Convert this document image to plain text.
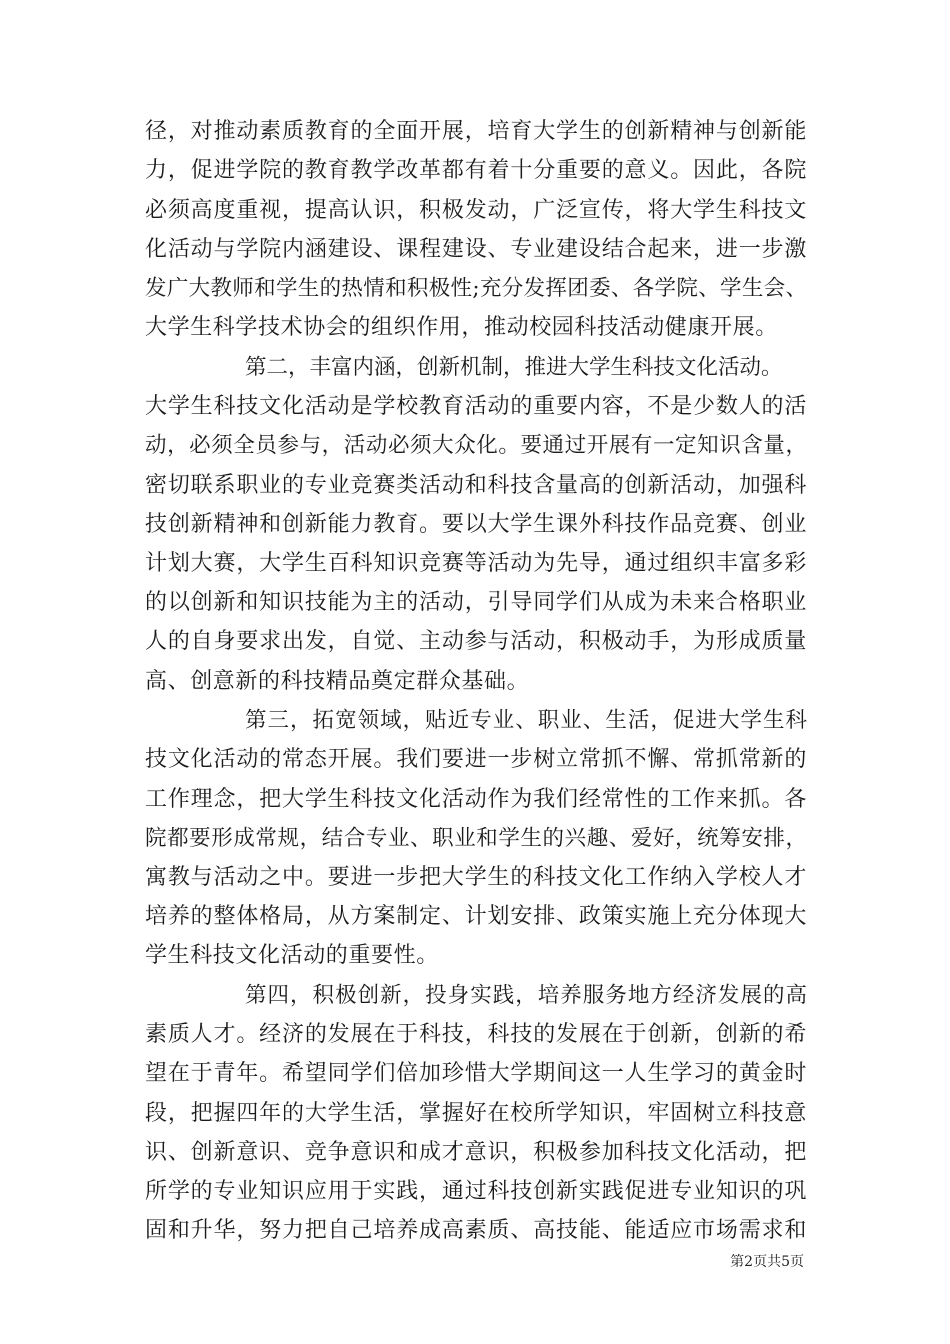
径，对推动素质教育的全面开展，培育大学生的创新精神与创新能
力，促进学院的教育教学改革都有着十分重要的意义。因此，各院
必须高度重视，提高认识，积极发动，广泛宣传，将大学生科技文
化活动与学院内涵建设、课程建设、专业建设结合起来，进一步激
发广大教师和学生的热情和积极性;充分发挥团委、各学院、学生会、
大学生科学技术协会的组织作用，推动校园科技活动健康开展。
第二，丰富内涵，创新机制，推进大学生科技文化活动。
大学生科技文化活动是学校教育活动的重要内容，不是少数人的活
动，必须全员参与，活动必须大众化。要通过开展有一定知识含量，
密切联系职业的专业竞赛类活动和科技含量高的创新活动，加强科
技创新精神和创新能力教育。要以大学生课外科技作品竞赛、创业
计划大赛，大学生百科知识竞赛等活动为先导，通过组织丰富多彩
的以创新和知识技能为主的活动，引导同学们从成为未来合格职业
人的自身要求出发，自觉、主动参与活动，积极动手，为形成质量
高、创意新的科技精品奠定群众基础。
第三，拓宽领域，贴近专业、职业、生活，促进大学生科
技文化活动的常态开展。我们要进一步树立常抓不懈、常抓常新的
工作理念，把大学生科技文化活动作为我们经常性的工作来抓。各
院都要形成常规，结合专业、职业和学生的兴趣、爱好，统筹安排，
寓教与活动之中。要进一步把大学生的科技文化工作纳入学校人才
培养的整体格局，从方案制定、计划安排、政策实施上充分体现大
学生科技文化活动的重要性。
第四，积极创新，投身实践，培养服务地方经济发展的高
素质人才。经济的发展在于科技，科技的发展在于创新，创新的希
望在于青年。希望同学们倍加珍惜大学期间这一人生学习的黄金时
段，把握四年的大学生活，掌握好在校所学知识，牢固树立科技意
识、创新意识、竞争意识和成才意识，积极参加科技文化活动，把
所学的专业知识应用于实践，通过科技创新实践促进专业知识的巩
固和升华，努力把自己培养成高素质、高技能、能适应市场需求和
第2页共5页
